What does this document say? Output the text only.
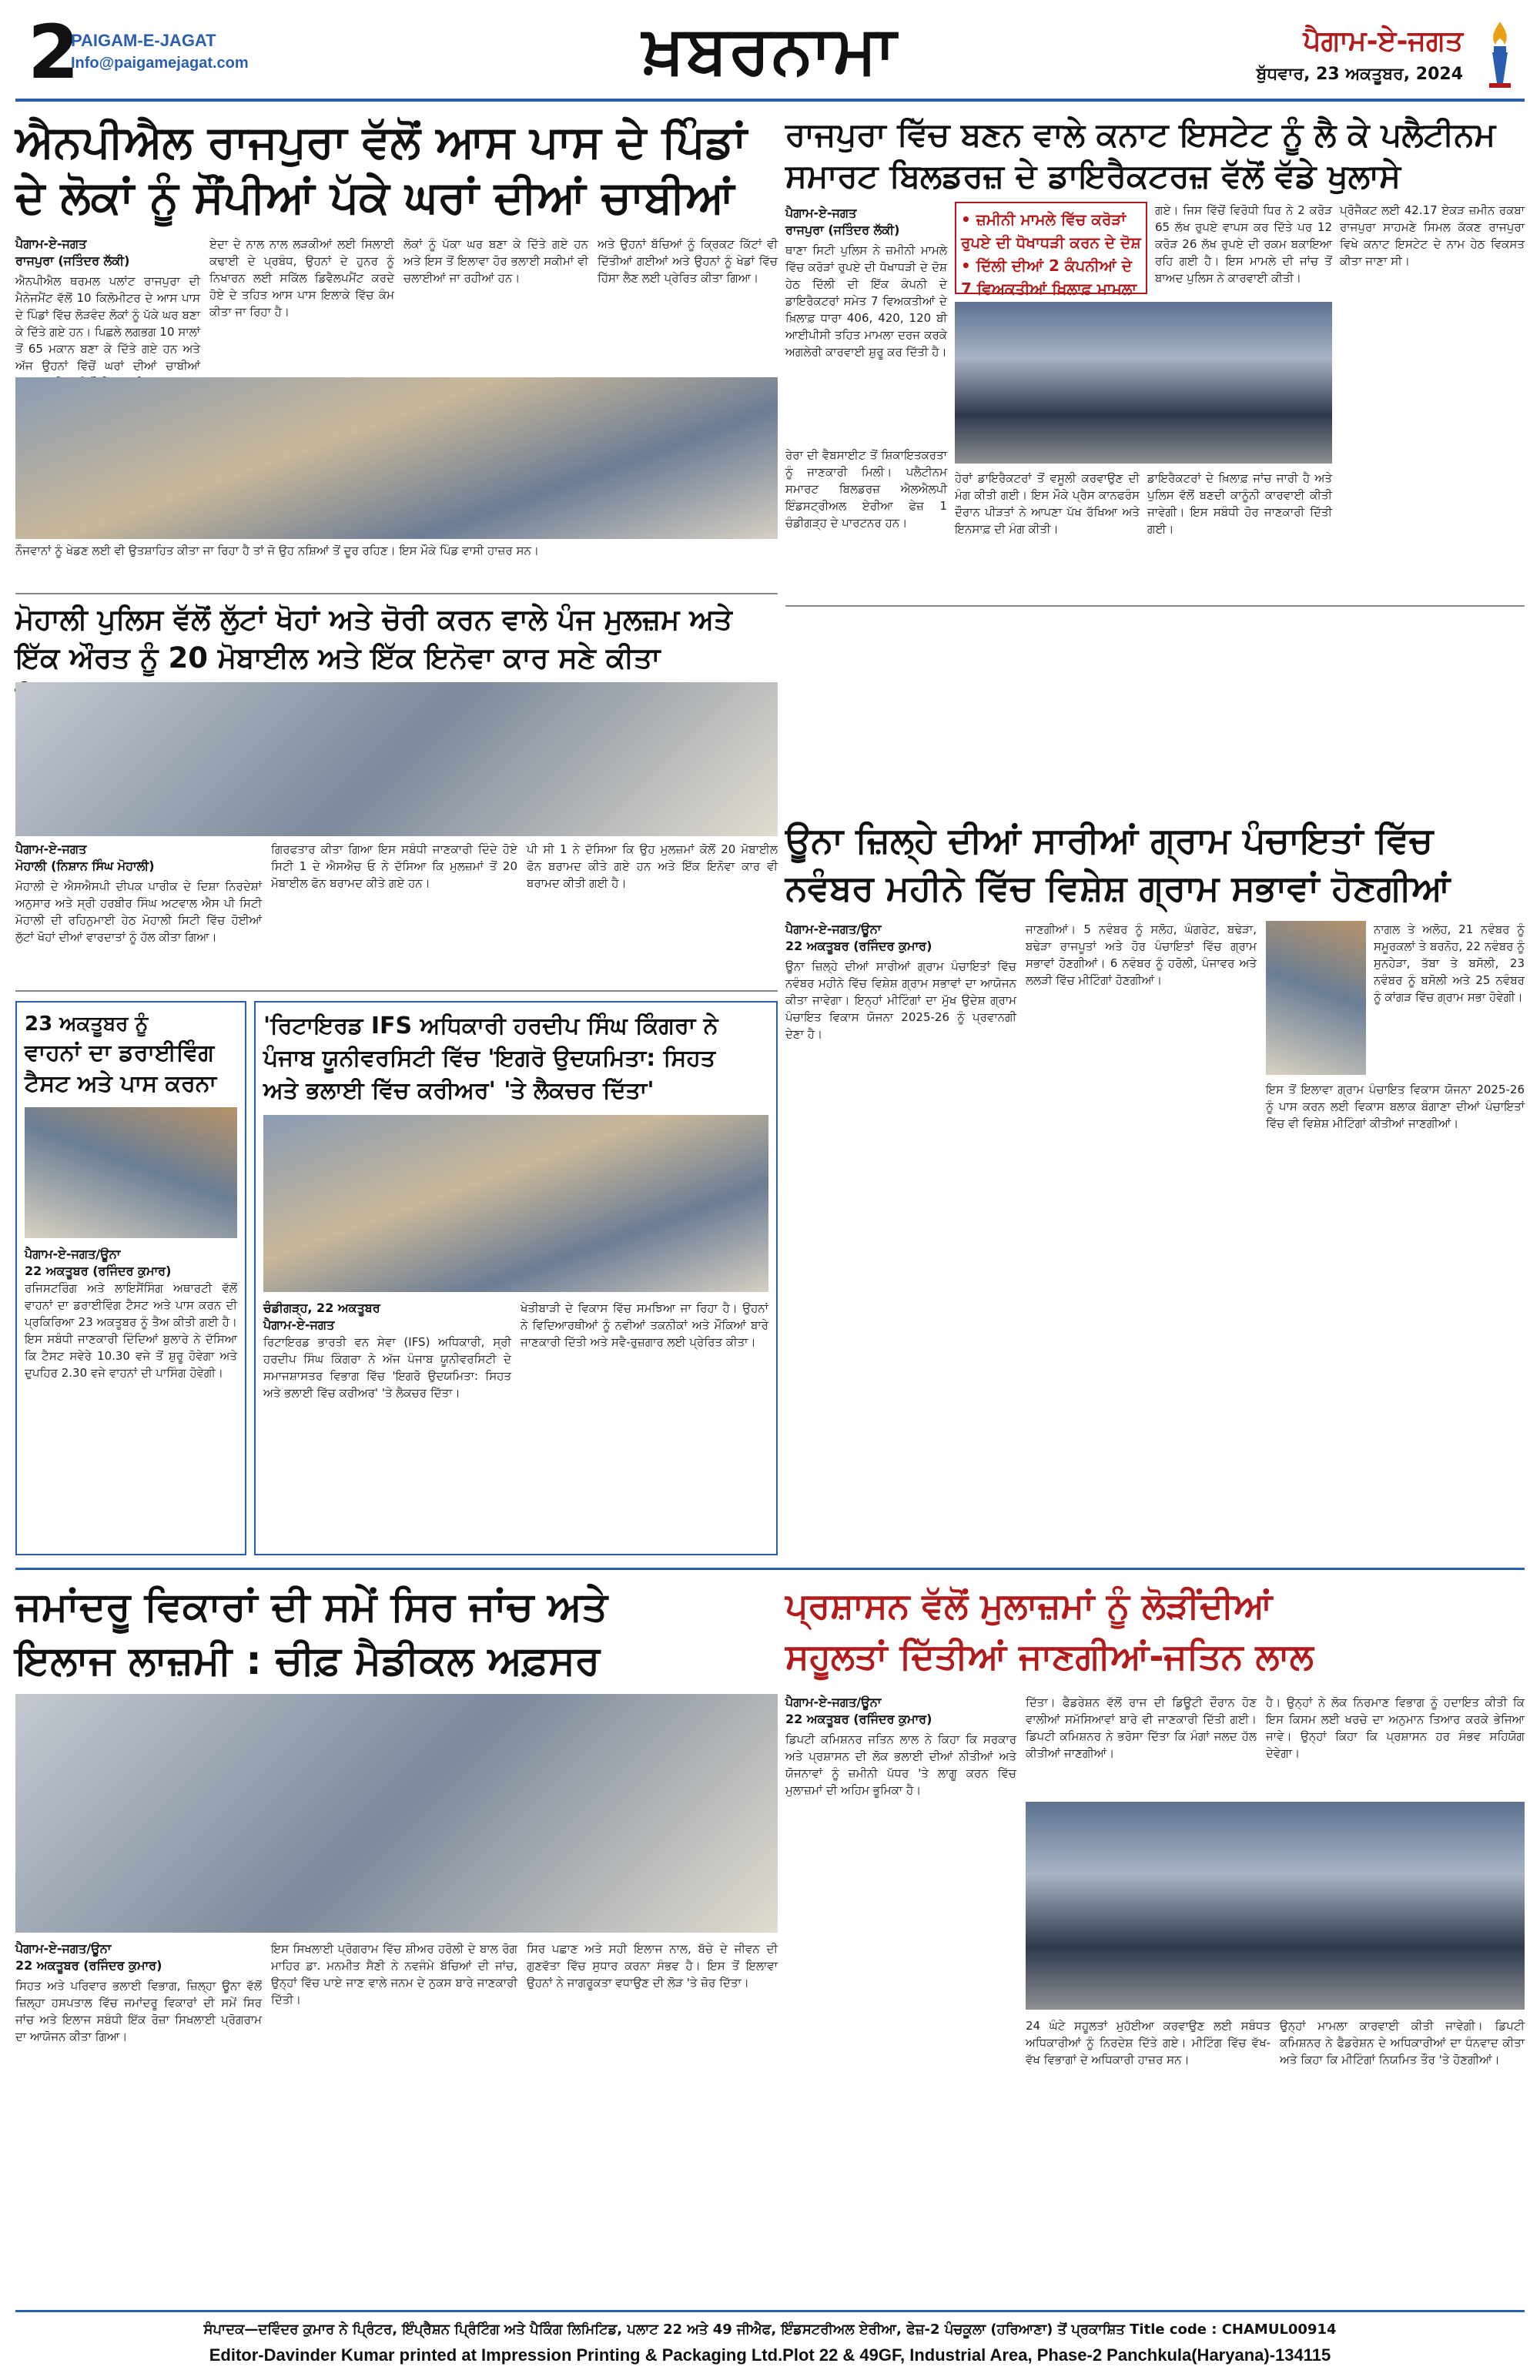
2
PAIGAM-E-JAGAT
Info@paigamejagat.com	ਖ਼ਬਰਨਾਮਾ	ਪੈਗਾਮ-ਏ-ਜਗਤ
ਬੁੱਧਵਾਰ, 23 ਅਕਤੂਬਰ, 2024
ਐਨਪੀਐਲ ਰਾਜਪੁਰਾ ਵੱਲੋਂ ਆਸ ਪਾਸ ਦੇ ਪਿੰਡਾਂ
ਦੇ ਲੋਕਾਂ ਨੂੰ ਸੌਂਪੀਆਂ ਪੱਕੇ ਘਰਾਂ ਦੀਆਂ ਚਾਬੀਆਂ
ਪੈਗਾਮ-ਏ-ਜਗਤ
ਰਾਜਪੁਰਾ (ਜਤਿੰਦਰ ਲੱਕੀ)
ਐਨਪੀਐਲ ਥਰਮਲ ਪਲਾਂਟ ਰਾਜਪੁਰਾ ਦੀ ਮੈਨੇਜਮੈਂਟ ਵੱਲੋਂ 10 ਕਿਲੋਮੀਟਰ ਦੇ ਆਸ ਪਾਸ ਦੇ ਪਿੰਡਾਂ ਵਿੱਚ ਲੋੜਵੰਦ ਲੋਕਾਂ ਨੂੰ ਪੱਕੇ ਘਰ ਬਣਾ ਕੇ ਦਿੱਤੇ ਗਏ ਹਨ। ਪਿਛਲੇ ਲਗਭਗ 10 ਸਾਲਾਂ ਤੋਂ 65 ਮਕਾਨ ਬਣਾ ਕੇ ਦਿੱਤੇ ਗਏ ਹਨ ਅਤੇ ਅੱਜ ਉਹਨਾਂ ਵਿੱਚੋਂ ਘਰਾਂ ਦੀਆਂ ਚਾਬੀਆਂ
ਏਦਾ ਦੇ ਨਾਲ ਨਾਲ ਲੜਕੀਆਂ ਲਈ ਸਿਲਾਈ ਕਢਾਈ ਦੇ ਪ੍ਰਬੰਧ, ਉਹਨਾਂ ਦੇ ਹੁਨਰ ਨੂੰ ਨਿਖਾਰਨ ਲਈ ਸਕਿੱਲ ਡਿਵੈਲਪਮੈਂਟ ਕਰਦੇ ਹੋਏ ਦੇ ਤਹਿਤ ਆਸ ਪਾਸ ਇਲਾਕੇ ਵਿੱਚ ਕੰਮ ਕੀਤਾ ਜਾ ਰਿਹਾ ਹੈ।
ਲੋਕਾਂ ਨੂੰ ਪੱਕਾ ਘਰ ਬਣਾ ਕੇ ਦਿੱਤੇ ਗਏ ਹਨ ਅਤੇ ਇਸ ਤੋਂ ਇਲਾਵਾ ਹੋਰ ਭਲਾਈ ਸਕੀਮਾਂ ਵੀ ਚਲਾਈਆਂ ਜਾ ਰਹੀਆਂ ਹਨ।
ਅਤੇ ਉਹਨਾਂ ਬੱਚਿਆਂ ਨੂੰ ਕ੍ਰਿਕਟ ਕਿੱਟਾਂ ਵੀ ਦਿੱਤੀਆਂ ਗਈਆਂ ਅਤੇ ਉਹਨਾਂ ਨੂੰ ਖੇਡਾਂ ਵਿੱਚ ਹਿੱਸਾ ਲੈਣ ਲਈ ਪ੍ਰੇਰਿਤ ਕੀਤਾ ਗਿਆ।
ਨੌਜਵਾਨਾਂ ਨੂੰ ਖੇਡਣ ਲਈ ਵੀ ਉਤਸ਼ਾਹਿਤ ਕੀਤਾ ਜਾ ਰਿਹਾ ਹੈ ਤਾਂ ਜੋ ਉਹ ਨਸ਼ਿਆਂ ਤੋਂ ਦੂਰ ਰਹਿਣ। ਇਸ ਮੌਕੇ ਪਿੰਡ ਵਾਸੀ ਹਾਜ਼ਰ ਸਨ।
ਰਾਜਪੁਰਾ ਵਿੱਚ ਬਣਨ ਵਾਲੇ ਕਨਾਟ ਇਸਟੇਟ ਨੂੰ ਲੈ ਕੇ ਪਲੈਟੀਨਮ
ਸਮਾਰਟ ਬਿਲਡਰਜ਼ ਦੇ ਡਾਇਰੈਕਟਰਜ਼ ਵੱਲੋਂ ਵੱਡੇ ਖੁਲਾਸੇ
ਪੈਗਾਮ-ਏ-ਜਗਤ
ਰਾਜਪੁਰਾ (ਜਤਿੰਦਰ ਲੱਕੀ)
ਥਾਣਾ ਸਿਟੀ ਪੁਲਿਸ ਨੇ ਜ਼ਮੀਨੀ ਮਾਮਲੇ ਵਿੱਚ ਕਰੋੜਾਂ ਰੁਪਏ ਦੀ ਧੋਖਾਧੜੀ ਦੇ ਦੋਸ਼ ਹੇਠ ਦਿੱਲੀ ਦੀ ਇੱਕ ਕੰਪਨੀ ਦੇ ਡਾਇਰੈਕਟਰਾਂ ਸਮੇਤ 7 ਵਿਅਕਤੀਆਂ ਦੇ ਖ਼ਿਲਾਫ਼ ਧਾਰਾ 406, 420, 120 ਬੀ ਆਈਪੀਸੀ ਤਹਿਤ ਮਾਮਲਾ ਦਰਜ ਕਰਕੇ ਅਗਲੇਰੀ ਕਾਰਵਾਈ ਸ਼ੁਰੂ ਕਰ ਦਿੱਤੀ ਹੈ।
• ਜ਼ਮੀਨੀ ਮਾਮਲੇ ਵਿੱਚ ਕਰੋੜਾਂ ਰੁਪਏ ਦੀ ਧੋਖਾਧੜੀ ਕਰਨ ਦੇ ਦੋਸ਼
• ਦਿੱਲੀ ਦੀਆਂ 2 ਕੰਪਨੀਆਂ ਦੇ 7 ਵਿਅਕਤੀਆਂ ਖ਼ਿਲਾਫ਼ ਮਾਮਲਾ
ਗਏ। ਜਿਸ ਵਿੱਚੋਂ ਵਿਰੋਧੀ ਧਿਰ ਨੇ 2 ਕਰੋੜ 65 ਲੱਖ ਰੁਪਏ ਵਾਪਸ ਕਰ ਦਿੱਤੇ ਪਰ 12 ਕਰੋੜ 26 ਲੱਖ ਰੁਪਏ ਦੀ ਰਕਮ ਬਕਾਇਆ ਰਹਿ ਗਈ ਹੈ। ਇਸ ਮਾਮਲੇ ਦੀ ਜਾਂਚ ਤੋਂ ਬਾਅਦ ਪੁਲਿਸ ਨੇ ਕਾਰਵਾਈ ਕੀਤੀ।
ਪ੍ਰੋਜੈਕਟ ਲਈ 42.17 ਏਕੜ ਜ਼ਮੀਨ ਰਕਬਾ ਰਾਜਪੁਰਾ ਸਾਹਮਣੇ ਸਿਮਲ ਕੱਕਣ ਰਾਜਪੁਰਾ ਵਿਖੇ ਕਨਾਟ ਇਸਟੇਟ ਦੇ ਨਾਮ ਹੇਠ ਵਿਕਸਤ ਕੀਤਾ ਜਾਣਾ ਸੀ।
ਰੇਰਾ ਦੀ ਵੈਬਸਾਈਟ ਤੋਂ ਸ਼ਿਕਾਇਤਕਰਤਾ ਨੂੰ ਜਾਣਕਾਰੀ ਮਿਲੀ। ਪਲੈਟੀਨਮ ਸਮਾਰਟ ਬਿਲਡਰਜ਼ ਐਲਐਲਪੀ ਇੰਡਸਟ੍ਰੀਅਲ ਏਰੀਆ ਫੇਜ਼ 1 ਚੰਡੀਗੜ੍ਹ ਦੇ ਪਾਰਟਨਰ ਹਨ।
ਹੇਰਾਂ ਡਾਇਰੈਕਟਰਾਂ ਤੋਂ ਵਸੂਲੀ ਕਰਵਾਉਣ ਦੀ ਮੰਗ ਕੀਤੀ ਗਈ। ਇਸ ਮੌਕੇ ਪ੍ਰੈਸ ਕਾਨਫਰੰਸ ਦੌਰਾਨ ਪੀੜਤਾਂ ਨੇ ਆਪਣਾ ਪੱਖ ਰੱਖਿਆ ਅਤੇ ਇਨਸਾਫ਼ ਦੀ ਮੰਗ ਕੀਤੀ।
ਡਾਇਰੈਕਟਰਾਂ ਦੇ ਖ਼ਿਲਾਫ਼ ਜਾਂਚ ਜਾਰੀ ਹੈ ਅਤੇ ਪੁਲਿਸ ਵੱਲੋਂ ਬਣਦੀ ਕਾਨੂੰਨੀ ਕਾਰਵਾਈ ਕੀਤੀ ਜਾਵੇਗੀ। ਇਸ ਸਬੰਧੀ ਹੋਰ ਜਾਣਕਾਰੀ ਦਿੱਤੀ ਗਈ।
ਮੋਹਾਲੀ ਪੁਲਿਸ ਵੱਲੋਂ ਲੁੱਟਾਂ ਖੋਹਾਂ ਅਤੇ ਚੋਰੀ ਕਰਨ ਵਾਲੇ ਪੰਜ ਮੁਲਜ਼ਮ ਅਤੇ
ਇੱਕ ਔਰਤ ਨੂੰ 20 ਮੋਬਾਈਲ ਅਤੇ ਇੱਕ ਇਨੋਵਾ ਕਾਰ ਸਣੇ ਕੀਤਾ
ਪੈਗਾਮ-ਏ-ਜਗਤ
ਮੋਹਾਲੀ (ਨਿਸ਼ਾਨ ਸਿੰਘ ਮੋਹਾਲੀ)
ਮੋਹਾਲੀ ਦੇ ਐਸਐਸਪੀ ਦੀਪਕ ਪਾਰੀਕ ਦੇ ਦਿਸ਼ਾ ਨਿਰਦੇਸ਼ਾਂ ਅਨੁਸਾਰ ਅਤੇ ਸ੍ਰੀ ਹਰਬੀਰ ਸਿੰਘ ਅਟਵਾਲ ਐਸ ਪੀ ਸਿਟੀ ਮੋਹਾਲੀ ਦੀ ਰਹਿਨੁਮਾਈ ਹੇਠ ਮੋਹਾਲੀ ਸਿਟੀ ਵਿੱਚ ਹੋਈਆਂ ਲੁੱਟਾਂ ਖੋਹਾਂ ਦੀਆਂ ਵਾਰਦਾਤਾਂ ਨੂੰ ਹੱਲ ਕੀਤਾ ਗਿਆ।
ਗਿਰਫਤਾਰ ਕੀਤਾ ਗਿਆ ਇਸ ਸਬੰਧੀ ਜਾਣਕਾਰੀ ਦਿੰਦੇ ਹੋਏ ਸਿਟੀ 1 ਦੇ ਐਸਐਚ ਓ ਨੇ ਦੱਸਿਆ ਕਿ ਮੁਲਜ਼ਮਾਂ ਤੋਂ 20 ਮੋਬਾਈਲ ਫੋਨ ਬਰਾਮਦ ਕੀਤੇ ਗਏ ਹਨ।
ਪੀ ਸੀ 1 ਨੇ ਦੱਸਿਆ ਕਿ ਉਹ ਮੁਲਜ਼ਮਾਂ ਕੋਲੋਂ 20 ਮੋਬਾਈਲ ਫੋਨ ਬਰਾਮਦ ਕੀਤੇ ਗਏ ਹਨ ਅਤੇ ਇੱਕ ਇਨੋਵਾ ਕਾਰ ਵੀ ਬਰਾਮਦ ਕੀਤੀ ਗਈ ਹੈ।
ਊਨਾ ਜ਼ਿਲ੍ਹੇ ਦੀਆਂ ਸਾਰੀਆਂ ਗ੍ਰਾਮ ਪੰਚਾਇਤਾਂ ਵਿੱਚ
ਨਵੰਬਰ ਮਹੀਨੇ ਵਿੱਚ ਵਿਸ਼ੇਸ਼ ਗ੍ਰਾਮ ਸਭਾਵਾਂ ਹੋਣਗੀਆਂ
ਪੈਗਾਮ-ਏ-ਜਗਤ/ਊਨਾ
22 ਅਕਤੂਬਰ (ਰਜਿੰਦਰ ਕੁਮਾਰ)
ਊਨਾ ਜ਼ਿਲ੍ਹੇ ਦੀਆਂ ਸਾਰੀਆਂ ਗ੍ਰਾਮ ਪੰਚਾਇਤਾਂ ਵਿੱਚ ਨਵੰਬਰ ਮਹੀਨੇ ਵਿੱਚ ਵਿਸ਼ੇਸ਼ ਗ੍ਰਾਮ ਸਭਾਵਾਂ ਦਾ ਆਯੋਜਨ ਕੀਤਾ ਜਾਵੇਗਾ। ਇਨ੍ਹਾਂ ਮੀਟਿੰਗਾਂ ਦਾ ਮੁੱਖ ਉਦੇਸ਼ ਗ੍ਰਾਮ ਪੰਚਾਇਤ ਵਿਕਾਸ ਯੋਜਨਾ 2025-26 ਨੂੰ ਪ੍ਰਵਾਨਗੀ ਦੇਣਾ ਹੈ।
ਜਾਣਗੀਆਂ। 5 ਨਵੰਬਰ ਨੂੰ ਸਲੋਹ, ਘੰਗਰੇਟ, ਬਢੇੜਾ, ਬਢੇੜਾ ਰਾਜਪੂਤਾਂ ਅਤੇ ਹੋਰ ਪੰਚਾਇਤਾਂ ਵਿੱਚ ਗ੍ਰਾਮ ਸਭਾਵਾਂ ਹੋਣਗੀਆਂ। 6 ਨਵੰਬਰ ਨੂੰ ਹਰੋਲੀ, ਪੰਜਾਵਰ ਅਤੇ ਲਲੜੀ ਵਿੱਚ ਮੀਟਿੰਗਾਂ ਹੋਣਗੀਆਂ।
ਨਾਗਲ ਤੇ ਅਲੋਹ, 21 ਨਵੰਬਰ ਨੂੰ ਸਮੂਰਕਲਾਂ ਤੇ ਬਰਨੋਹ, 22 ਨਵੰਬਰ ਨੂੰ ਸੁਨਹੇੜਾ, ਤੱਬਾ ਤੇ ਬਸੋਲੀ, 23 ਨਵੰਬਰ ਨੂੰ ਬਸੋਲੀ ਅਤੇ 25 ਨਵੰਬਰ ਨੂੰ ਕਾਂਗੜ ਵਿੱਚ ਗ੍ਰਾਮ ਸਭਾ ਹੋਵੇਗੀ।
ਇਸ ਤੋਂ ਇਲਾਵਾ ਗ੍ਰਾਮ ਪੰਚਾਇਤ ਵਿਕਾਸ ਯੋਜਨਾ 2025-26 ਨੂੰ ਪਾਸ ਕਰਨ ਲਈ ਵਿਕਾਸ ਬਲਾਕ ਬੰਗਾਣਾ ਦੀਆਂ ਪੰਚਾਇਤਾਂ ਵਿੱਚ ਵੀ ਵਿਸ਼ੇਸ਼ ਮੀਟਿੰਗਾਂ ਕੀਤੀਆਂ ਜਾਣਗੀਆਂ।
23 ਅਕਤੂਬਰ ਨੂੰ
ਵਾਹਨਾਂ ਦਾ ਡਰਾਈਵਿੰਗ
ਟੈਸਟ ਅਤੇ ਪਾਸ ਕਰਨਾ
ਪੈਗਾਮ-ਏ-ਜਗਤ/ਊਨਾ
22 ਅਕਤੂਬਰ (ਰਜਿੰਦਰ ਕੁਮਾਰ)
ਰਜਿਸਟਰਿੰਗ ਅਤੇ ਲਾਇਸੈਂਸਿੰਗ ਅਥਾਰਟੀ ਵੱਲੋਂ ਵਾਹਨਾਂ ਦਾ ਡਰਾਈਵਿੰਗ ਟੈਸਟ ਅਤੇ ਪਾਸ ਕਰਨ ਦੀ ਪ੍ਰਕਿਰਿਆ 23 ਅਕਤੂਬਰ ਨੂੰ ਤੈਅ ਕੀਤੀ ਗਈ ਹੈ। ਇਸ ਸਬੰਧੀ ਜਾਣਕਾਰੀ ਦਿੰਦਿਆਂ ਬੁਲਾਰੇ ਨੇ ਦੱਸਿਆ ਕਿ ਟੈਸਟ ਸਵੇਰੇ 10.30 ਵਜੇ ਤੋਂ ਸ਼ੁਰੂ ਹੋਵੇਗਾ ਅਤੇ ਦੁਪਹਿਰ 2.30 ਵਜੇ ਵਾਹਨਾਂ ਦੀ ਪਾਸਿੰਗ ਹੋਵੇਗੀ।
'ਰਿਟਾਇਰਡ IFS ਅਧਿਕਾਰੀ ਹਰਦੀਪ ਸਿੰਘ ਕਿੰਗਰਾ ਨੇ
ਪੰਜਾਬ ਯੂਨੀਵਰਸਿਟੀ ਵਿੱਚ 'ਇਗਰੋ ਉਦਯਮਿਤਾ: ਸਿਹਤ
ਅਤੇ ਭਲਾਈ ਵਿੱਚ ਕਰੀਅਰ' 'ਤੇ ਲੈਕਚਰ ਦਿੱਤਾ'
ਚੰਡੀਗੜ੍ਹ, 22 ਅਕਤੂਬਰ
ਪੈਗਾਮ-ਏ-ਜਗਤ
ਰਿਟਾਇਰਡ ਭਾਰਤੀ ਵਨ ਸੇਵਾ (IFS) ਅਧਿਕਾਰੀ, ਸ੍ਰੀ ਹਰਦੀਪ ਸਿੰਘ ਕਿੰਗਰਾ ਨੇ ਅੱਜ ਪੰਜਾਬ ਯੂਨੀਵਰਸਿਟੀ ਦੇ ਸਮਾਜਸ਼ਾਸਤਰ ਵਿਭਾਗ ਵਿੱਚ 'ਇਗਰੋ ਉਦਯਮਿਤਾ: ਸਿਹਤ ਅਤੇ ਭਲਾਈ ਵਿੱਚ ਕਰੀਅਰ' 'ਤੇ ਲੈਕਚਰ ਦਿੱਤਾ।
ਖੇਤੀਬਾੜੀ ਦੇ ਵਿਕਾਸ ਵਿੱਚ ਸਮਝਿਆ ਜਾ ਰਿਹਾ ਹੈ। ਉਹਨਾਂ ਨੇ ਵਿਦਿਆਰਥੀਆਂ ਨੂੰ ਨਵੀਆਂ ਤਕਨੀਕਾਂ ਅਤੇ ਮੌਕਿਆਂ ਬਾਰੇ ਜਾਣਕਾਰੀ ਦਿੱਤੀ ਅਤੇ ਸਵੈ-ਰੁਜ਼ਗਾਰ ਲਈ ਪ੍ਰੇਰਿਤ ਕੀਤਾ।
ਜਮਾਂਦਰੂ ਵਿਕਾਰਾਂ ਦੀ ਸਮੇਂ ਸਿਰ ਜਾਂਚ ਅਤੇ
ਇਲਾਜ ਲਾਜ਼ਮੀ : ਚੀਫ਼ ਮੈਡੀਕਲ ਅਫ਼ਸਰ
ਪੈਗਾਮ-ਏ-ਜਗਤ/ਊਨਾ
22 ਅਕਤੂਬਰ (ਰਜਿੰਦਰ ਕੁਮਾਰ)
ਸਿਹਤ ਅਤੇ ਪਰਿਵਾਰ ਭਲਾਈ ਵਿਭਾਗ, ਜ਼ਿਲ੍ਹਾ ਊਨਾ ਵੱਲੋਂ ਜ਼ਿਲ੍ਹਾ ਹਸਪਤਾਲ ਵਿੱਚ ਜਮਾਂਦਰੂ ਵਿਕਾਰਾਂ ਦੀ ਸਮੇਂ ਸਿਰ ਜਾਂਚ ਅਤੇ ਇਲਾਜ ਸਬੰਧੀ ਇੱਕ ਰੋਜ਼ਾ ਸਿਖਲਾਈ ਪ੍ਰੋਗਰਾਮ ਦਾ ਆਯੋਜਨ ਕੀਤਾ ਗਿਆ।
ਇਸ ਸਿਖਲਾਈ ਪ੍ਰੋਗਰਾਮ ਵਿੱਚ ਸ਼ੀਅਰ ਹਰੋਲੀ ਦੇ ਬਾਲ ਰੋਗ ਮਾਹਿਰ ਡਾ. ਮਨਮੀਤ ਸੈਣੀ ਨੇ ਨਵਜੰਮੇ ਬੱਚਿਆਂ ਦੀ ਜਾਂਚ, ਉਨ੍ਹਾਂ ਵਿੱਚ ਪਾਏ ਜਾਣ ਵਾਲੇ ਜਨਮ ਦੇ ਨੁਕਸ ਬਾਰੇ ਜਾਣਕਾਰੀ ਦਿੱਤੀ।
ਸਿਰ ਪਛਾਣ ਅਤੇ ਸਹੀ ਇਲਾਜ ਨਾਲ, ਬੱਚੇ ਦੇ ਜੀਵਨ ਦੀ ਗੁਣਵੱਤਾ ਵਿੱਚ ਸੁਧਾਰ ਕਰਨਾ ਸੰਭਵ ਹੈ। ਇਸ ਤੋਂ ਇਲਾਵਾ ਉਹਨਾਂ ਨੇ ਜਾਗਰੂਕਤਾ ਵਧਾਉਣ ਦੀ ਲੋੜ 'ਤੇ ਜ਼ੋਰ ਦਿੱਤਾ।
ਪ੍ਰਸ਼ਾਸਨ ਵੱਲੋਂ ਮੁਲਾਜ਼ਮਾਂ ਨੂੰ ਲੋੜੀਂਦੀਆਂ
ਸਹੂਲਤਾਂ ਦਿੱਤੀਆਂ ਜਾਣਗੀਆਂ-ਜਤਿਨ ਲਾਲ
ਪੈਗਾਮ-ਏ-ਜਗਤ/ਊਨਾ
22 ਅਕਤੂਬਰ (ਰਜਿੰਦਰ ਕੁਮਾਰ)
ਡਿਪਟੀ ਕਮਿਸ਼ਨਰ ਜਤਿਨ ਲਾਲ ਨੇ ਕਿਹਾ ਕਿ ਸਰਕਾਰ ਅਤੇ ਪ੍ਰਸ਼ਾਸਨ ਦੀ ਲੋਕ ਭਲਾਈ ਦੀਆਂ ਨੀਤੀਆਂ ਅਤੇ ਯੋਜਨਾਵਾਂ ਨੂੰ ਜ਼ਮੀਨੀ ਪੱਧਰ 'ਤੇ ਲਾਗੂ ਕਰਨ ਵਿੱਚ ਮੁਲਾਜ਼ਮਾਂ ਦੀ ਅਹਿਮ ਭੂਮਿਕਾ ਹੈ।
ਦਿੱਤਾ। ਫੈਡਰੇਸ਼ਨ ਵੱਲੋਂ ਰਾਜ ਦੀ ਡਿਊਟੀ ਦੌਰਾਨ ਹੋਣ ਵਾਲੀਆਂ ਸਮੱਸਿਆਵਾਂ ਬਾਰੇ ਵੀ ਜਾਣਕਾਰੀ ਦਿੱਤੀ ਗਈ। ਡਿਪਟੀ ਕਮਿਸ਼ਨਰ ਨੇ ਭਰੋਸਾ ਦਿੱਤਾ ਕਿ ਮੰਗਾਂ ਜਲਦ ਹੱਲ ਕੀਤੀਆਂ ਜਾਣਗੀਆਂ।
ਹੈ। ਉਨ੍ਹਾਂ ਨੇ ਲੋਕ ਨਿਰਮਾਣ ਵਿਭਾਗ ਨੂੰ ਹਦਾਇਤ ਕੀਤੀ ਕਿ ਇਸ ਕਿਸਮ ਲਈ ਖਰਚੇ ਦਾ ਅਨੁਮਾਨ ਤਿਆਰ ਕਰਕੇ ਭੇਜਿਆ ਜਾਵੇ। ਉਨ੍ਹਾਂ ਕਿਹਾ ਕਿ ਪ੍ਰਸ਼ਾਸਨ ਹਰ ਸੰਭਵ ਸਹਿਯੋਗ ਦੇਵੇਗਾ।
24 ਘੰਟੇ ਸਹੂਲਤਾਂ ਮੁਹੱਈਆ ਕਰਵਾਉਣ ਲਈ ਸਬੰਧਤ ਅਧਿਕਾਰੀਆਂ ਨੂੰ ਨਿਰਦੇਸ਼ ਦਿੱਤੇ ਗਏ। ਮੀਟਿੰਗ ਵਿੱਚ ਵੱਖ-ਵੱਖ ਵਿਭਾਗਾਂ ਦੇ ਅਧਿਕਾਰੀ ਹਾਜ਼ਰ ਸਨ।
ਉਨ੍ਹਾਂ ਮਾਮਲਾ ਕਾਰਵਾਈ ਕੀਤੀ ਜਾਵੇਗੀ। ਡਿਪਟੀ ਕਮਿਸ਼ਨਰ ਨੇ ਫੈਡਰੇਸ਼ਨ ਦੇ ਅਧਿਕਾਰੀਆਂ ਦਾ ਧੰਨਵਾਦ ਕੀਤਾ ਅਤੇ ਕਿਹਾ ਕਿ ਮੀਟਿੰਗਾਂ ਨਿਯਮਿਤ ਤੌਰ 'ਤੇ ਹੋਣਗੀਆਂ।
ਸੰਪਾਦਕ—ਦਵਿੰਦਰ ਕੁਮਾਰ ਨੇ ਪ੍ਰਿੰਟਰ, ਇੰਪ੍ਰੈਸ਼ਨ ਪ੍ਰਿੰਟਿੰਗ ਅਤੇ ਪੈਕਿੰਗ ਲਿਮਿਟਿਡ, ਪਲਾਟ 22 ਅਤੇ 49 ਜੀਐਫ, ਇੰਡਸਟਰੀਅਲ ਏਰੀਆ, ਫੇਜ਼-2 ਪੰਚਕੂਲਾ (ਹਰਿਆਣਾ) ਤੋਂ ਪ੍ਰਕਾਸ਼ਿਤ Title code : CHAMUL00914
Editor-Davinder Kumar printed at Impression Printing & Packaging Ltd.Plot 22 & 49GF, Industrial Area, Phase-2 Panchkula(Haryana)-134115
